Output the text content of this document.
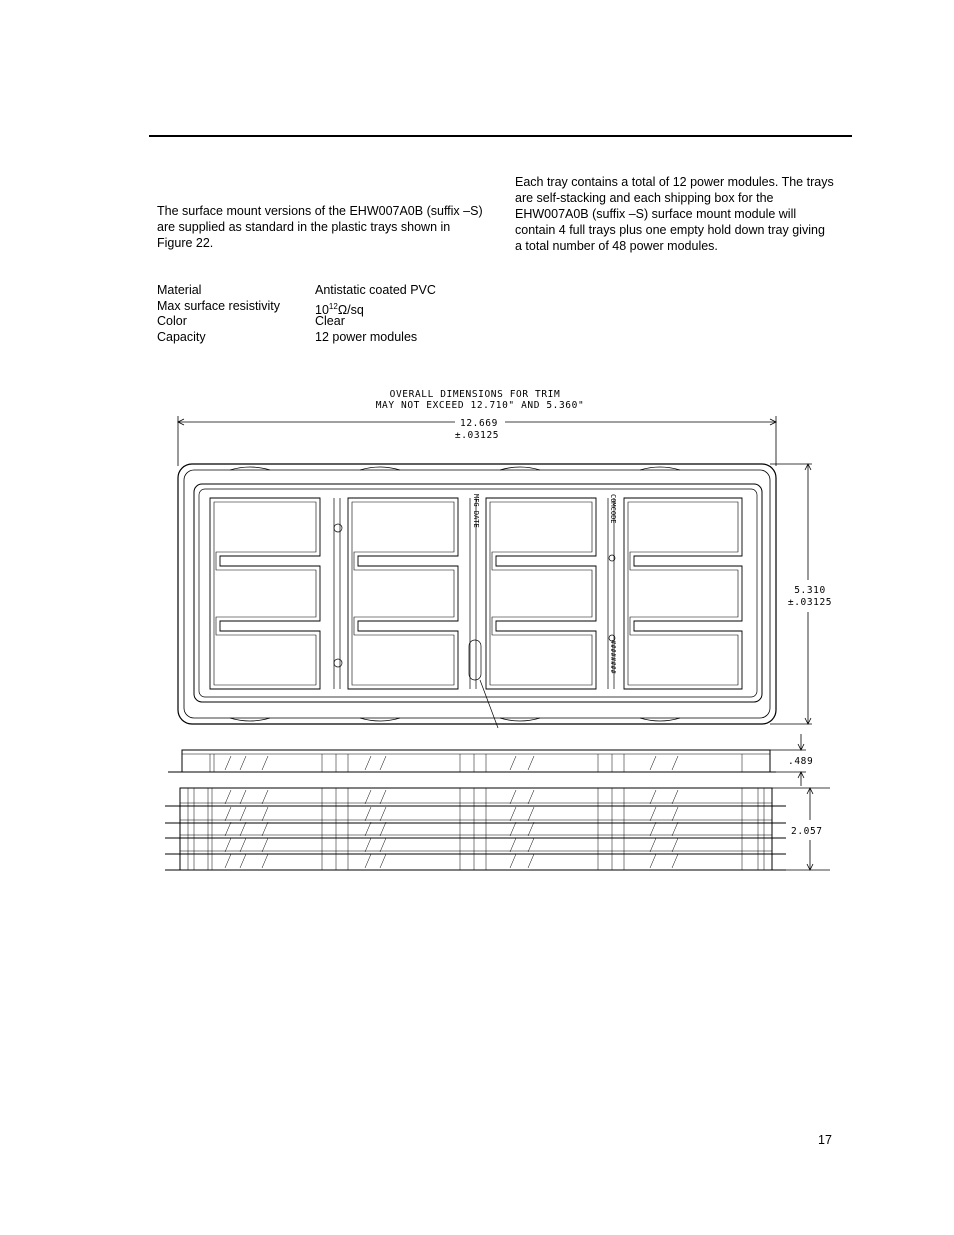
The surface mount versions of the EHW007A0B (suffix –S) are supplied as standard in the plastic trays shown in Figure 22.
Each tray contains a total of 12 power modules. The trays are self-stacking and each shipping box for the EHW007A0B (suffix –S) surface mount module will contain 4 full trays plus one empty hold down tray giving a total number of 48 power modules.
Material	Antistatic coated PVC
Max surface resistivity	$10^{12}\Omega/sq$
Color	Clear
Capacity	12 power modules
OVERALL DIMENSIONS FOR TRIM
MAY NOT EXCEED 12.710" AND 5.360"
12.669
±.03125
5.310
±.03125
MFG DATE	COMCODE
########
.489
2.057
17
